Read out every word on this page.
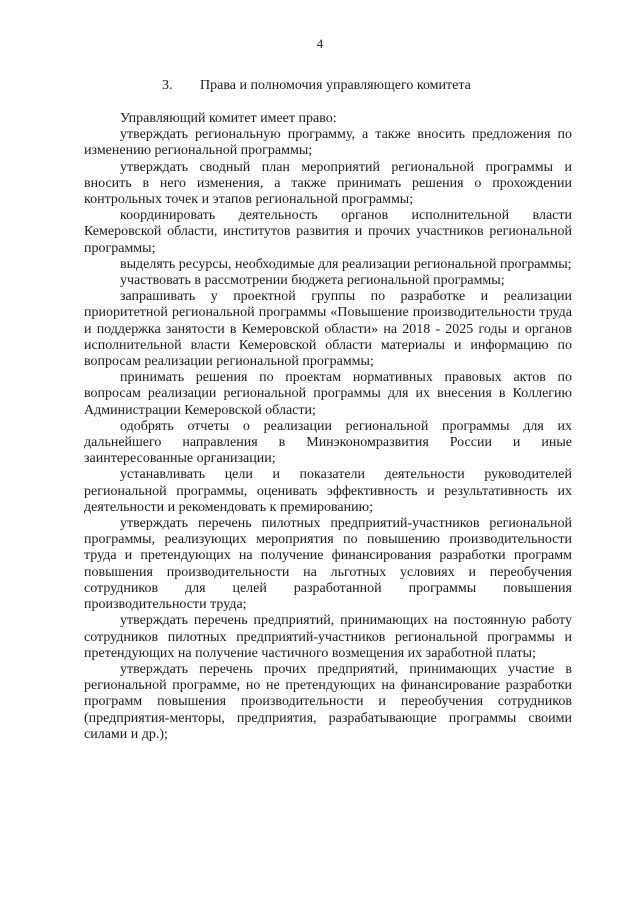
4
3. Права и полномочия управляющего комитета

Управляющий комитет имеет право:

утверждать региональную программу, а также вносить предложения по изменению региональной программы;

утверждать сводный план мероприятий региональной программы и вносить в него изменения, а также принимать решения о прохождении контрольных точек и этапов региональной программы;

координировать деятельность органов исполнительной власти Кемеровской области, институтов развития и прочих участников региональной программы;

выделять ресурсы, необходимые для реализации региональной программы;

участвовать в рассмотрении бюджета региональной программы;

запрашивать у проектной группы по разработке и реализации приоритетной региональной программы «Повышение производительности труда и поддержка занятости в Кемеровской области» на 2018 - 2025 годы и органов исполнительной власти Кемеровской области материалы и информацию по вопросам реализации региональной программы;

принимать решения по проектам нормативных правовых актов по вопросам реализации региональной программы для их внесения в Коллегию Администрации Кемеровской области;

одобрять отчеты о реализации региональной программы для их дальнейшего направления в Минэкономразвития России и иные заинтересованные организации;

устанавливать цели и показатели деятельности руководителей региональной программы, оценивать эффективность и результативность их деятельности и рекомендовать к премированию;

утверждать перечень пилотных предприятий-участников региональной программы, реализующих мероприятия по повышению производительности труда и претендующих на получение финансирования разработки программ повышения производительности на льготных условиях и переобучения сотрудников для целей разработанной программы повышения производительности труда;

утверждать перечень предприятий, принимающих на постоянную работу сотрудников пилотных предприятий-участников региональной программы и претендующих на получение частичного возмещения их заработной платы;

утверждать перечень прочих предприятий, принимающих участие в региональной программе, но не претендующих на финансирование разработки программ повышения производительности и переобучения сотрудников (предприятия-менторы, предприятия, разрабатывающие программы своими силами и др.);
